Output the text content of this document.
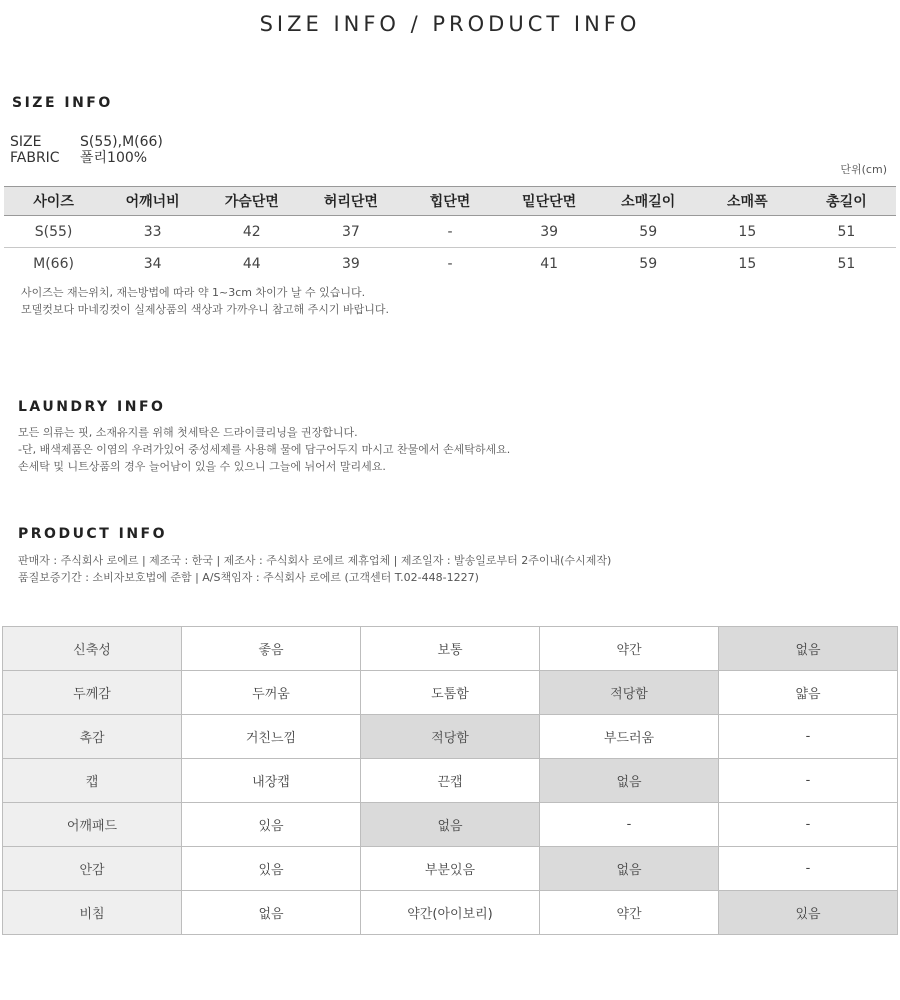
SIZE INFO / PRODUCT INFO
SIZE INFO
SIZE	S(55),M(66)
FABRIC 폴리100%
단위(cm)
사이즈	어깨너비	가슴단면	허리단면	힙단면	밑단단면	소매길이	소매폭	총길이
S(55)	33	42	37	-	39	59	15	51
M(66)	34	44	39	-	41	59	15	51
사이즈는 재는위치, 재는방법에 따라 약 1~3cm 차이가 날 수 있습니다.
모델컷보다 마네킹컷이 실제상품의 색상과 가까우니 참고해 주시기 바랍니다.
LAUNDRY INFO
모든 의류는 핏, 소재유지를 위해 첫세탁은 드라이클리닝을 권장합니다.
-단, 배색제품은 이염의 우려가있어 중성세제를 사용해 물에 담구어두지 마시고 찬물에서 손세탁하세요.
손세탁 및 니트상품의 경우 늘어남이 있을 수 있으니 그늘에 뉘어서 말리세요.
PRODUCT INFO
판매자 : 주식회사 로에르 | 제조국 : 한국 | 제조사 : 주식회사 로에르 제휴업체 | 제조일자 : 발송일로부터 2주이내(수시제작)
품질보증기간 : 소비자보호법에 준함 | A/S책임자 : 주식회사 로에르 (고객센터 T.02-448-1227)
신축성	좋음	보통	약간	없음
두께감	두꺼움	도톰함	적당함	얇음
촉감	거친느낌	적당함	부드러움	-
캡	내장캡	끈캡	없음	-
어깨패드	있음	없음	-	-
안감	있음	부분있음	없음	-
비침	없음	약간(아이보리)	약간	있음
